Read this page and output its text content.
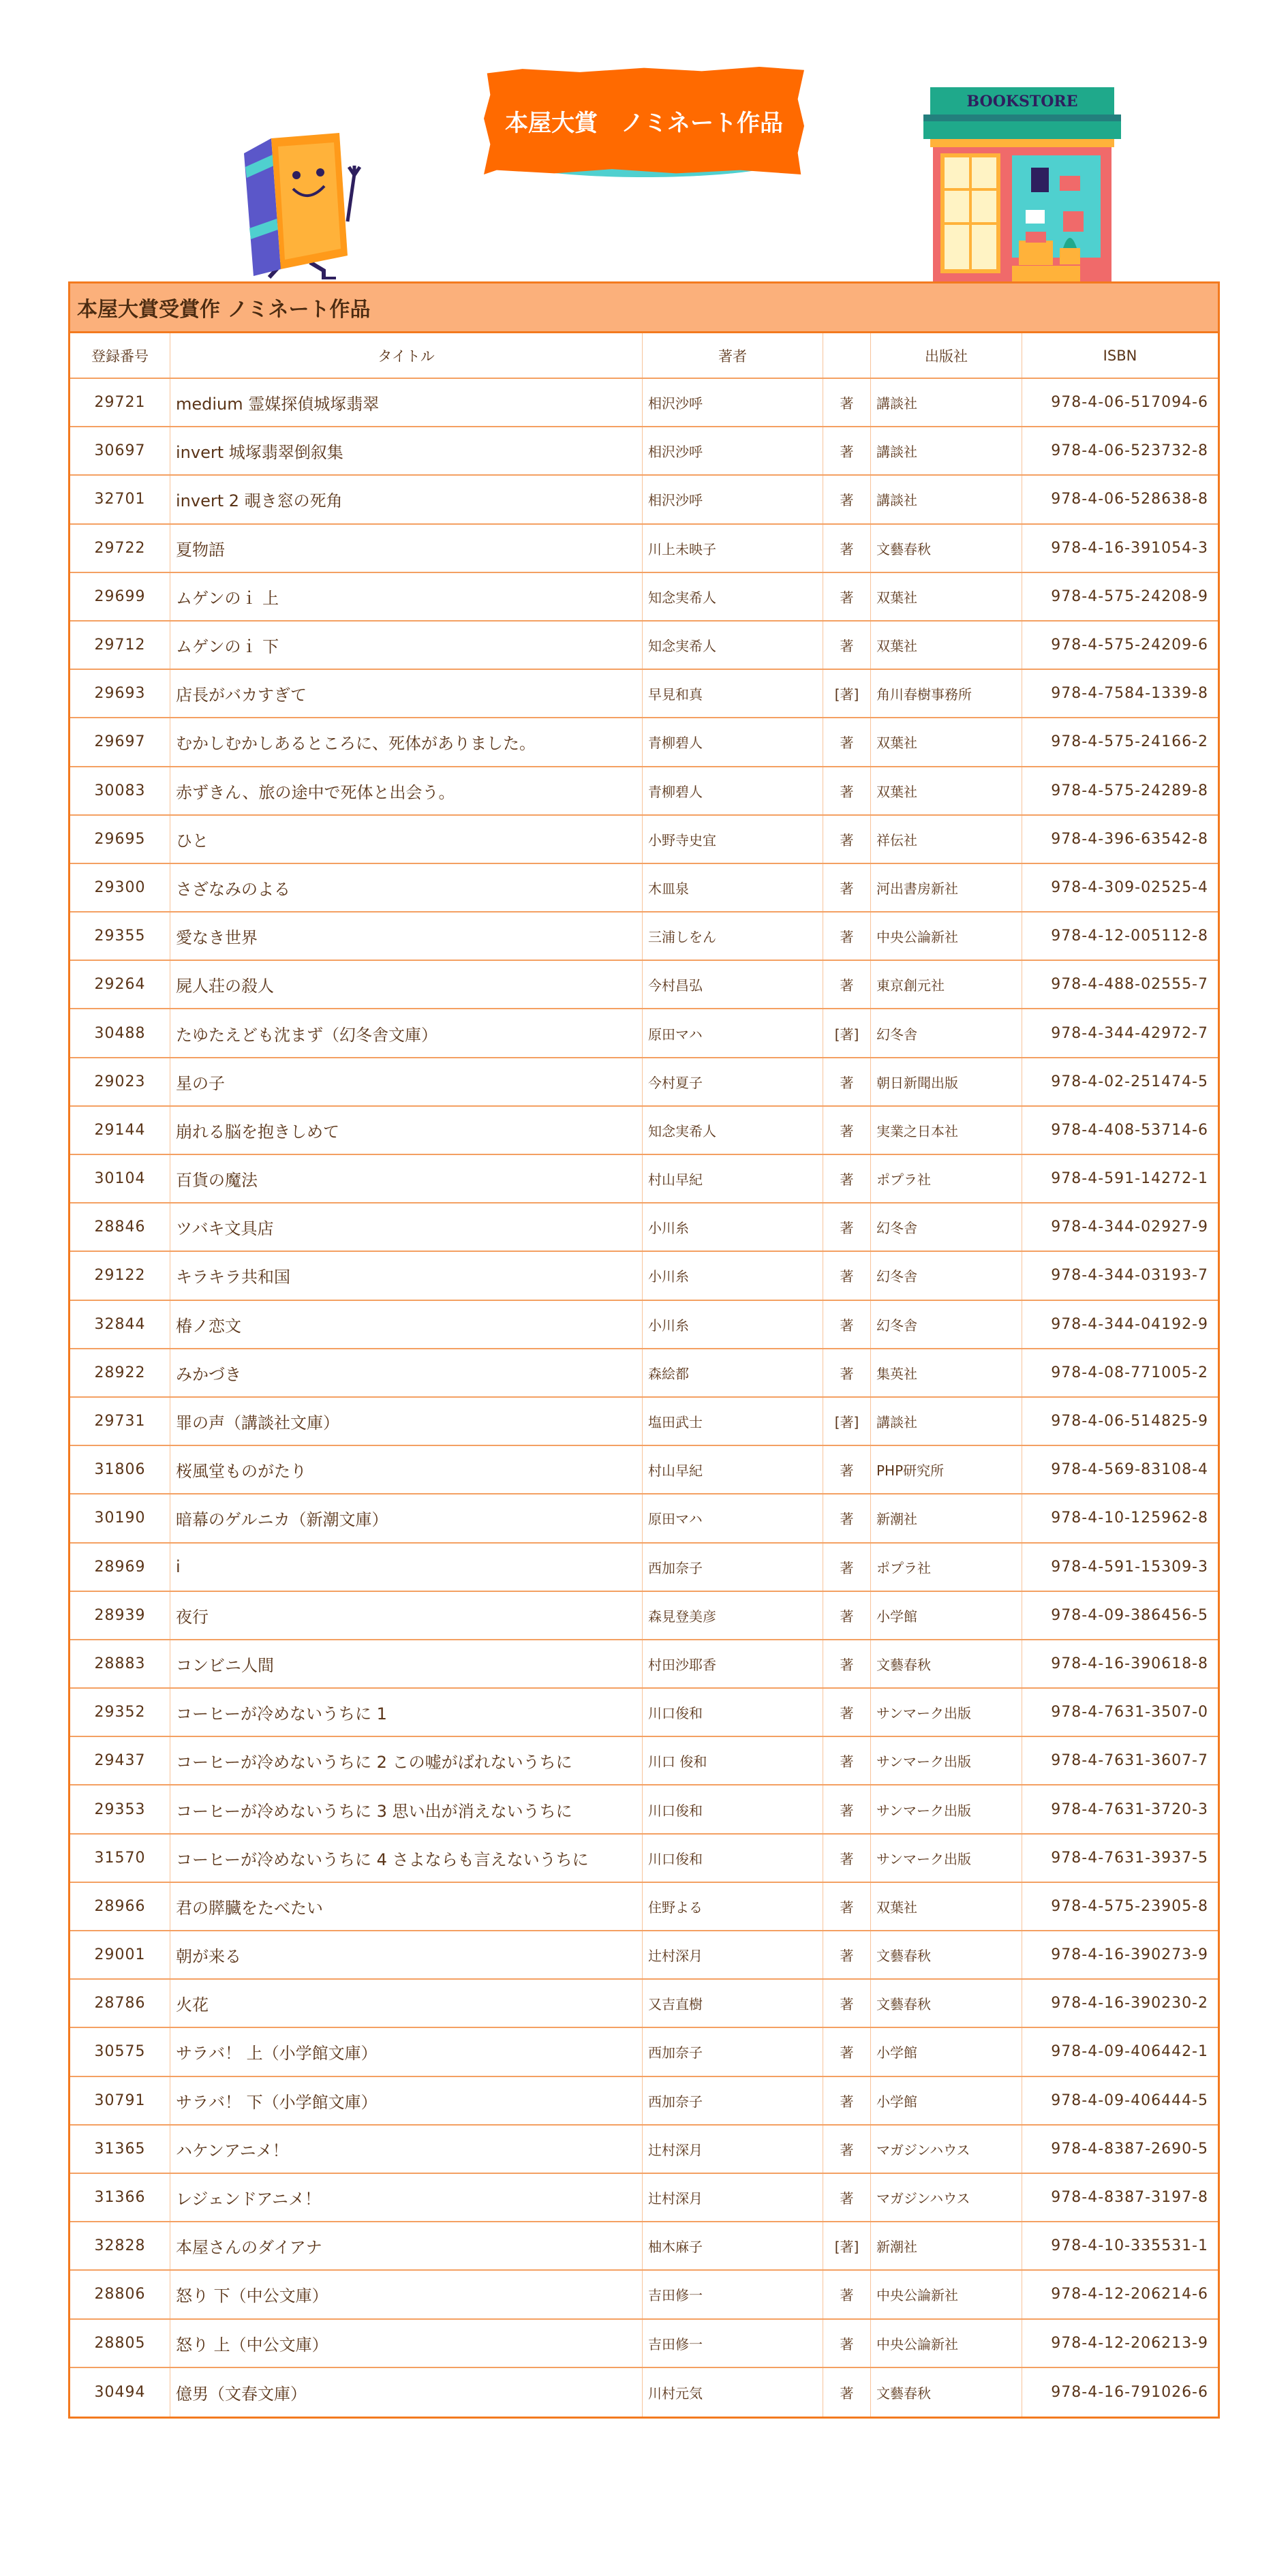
本屋大賞　ノミネート作品
BOOKSTORE
本屋大賞受賞作 ノミネート作品
登録番号	タイトル	著者	出版社	ISBN
29721	medium 霊媒探偵城塚翡翠	相沢沙呼	著	講談社	978-4-06-517094-6
30697	invert 城塚翡翠倒叙集	相沢沙呼	著	講談社	978-4-06-523732-8
32701	invert 2 覗き窓の死角	相沢沙呼	著	講談社	978-4-06-528638-8
29722	夏物語	川上未映子	著	文藝春秋	978-4-16-391054-3
29699	ムゲンのｉ 上	知念実希人	著	双葉社	978-4-575-24208-9
29712	ムゲンのｉ 下	知念実希人	著	双葉社	978-4-575-24209-6
29693	店長がバカすぎて	早見和真	[著]	角川春樹事務所	978-4-7584-1339-8
29697	むかしむかしあるところに、死体がありました。	青柳碧人	著	双葉社	978-4-575-24166-2
30083	赤ずきん、旅の途中で死体と出会う。	青柳碧人	著	双葉社	978-4-575-24289-8
29695	ひと	小野寺史宜	著	祥伝社	978-4-396-63542-8
29300	さざなみのよる	木皿泉	著	河出書房新社	978-4-309-02525-4
29355	愛なき世界	三浦しをん	著	中央公論新社	978-4-12-005112-8
29264	屍人荘の殺人	今村昌弘	著	東京創元社	978-4-488-02555-7
30488	たゆたえども沈まず（幻冬舎文庫）	原田マハ	[著]	幻冬舎	978-4-344-42972-7
29023	星の子	今村夏子	著	朝日新聞出版	978-4-02-251474-5
29144	崩れる脳を抱きしめて	知念実希人	著	実業之日本社	978-4-408-53714-6
30104	百貨の魔法	村山早紀	著	ポプラ社	978-4-591-14272-1
28846	ツバキ文具店	小川糸	著	幻冬舎	978-4-344-02927-9
29122	キラキラ共和国	小川糸	著	幻冬舎	978-4-344-03193-7
32844	椿ノ恋文	小川糸	著	幻冬舎	978-4-344-04192-9
28922	みかづき	森絵都	著	集英社	978-4-08-771005-2
29731	罪の声（講談社文庫）	塩田武士	[著]	講談社	978-4-06-514825-9
31806	桜風堂ものがたり	村山早紀	著	PHP研究所	978-4-569-83108-4
30190	暗幕のゲルニカ（新潮文庫）	原田マハ	著	新潮社	978-4-10-125962-8
28969	i	西加奈子	著	ポプラ社	978-4-591-15309-3
28939	夜行	森見登美彦	著	小学館	978-4-09-386456-5
28883	コンビニ人間	村田沙耶香	著	文藝春秋	978-4-16-390618-8
29352	コーヒーが冷めないうちに 1	川口俊和	著	サンマーク出版	978-4-7631-3507-0
29437	コーヒーが冷めないうちに 2 この嘘がばれないうちに	川口 俊和	著	サンマーク出版	978-4-7631-3607-7
29353	コーヒーが冷めないうちに 3 思い出が消えないうちに	川口俊和	著	サンマーク出版	978-4-7631-3720-3
31570	コーヒーが冷めないうちに 4 さよならも言えないうちに	川口俊和	著	サンマーク出版	978-4-7631-3937-5
28966	君の膵臓をたべたい	住野よる	著	双葉社	978-4-575-23905-8
29001	朝が来る	辻村深月	著	文藝春秋	978-4-16-390273-9
28786	火花	又吉直樹	著	文藝春秋	978-4-16-390230-2
30575	サラバ！ 上（小学館文庫）	西加奈子	著	小学館	978-4-09-406442-1
30791	サラバ！ 下（小学館文庫）	西加奈子	著	小学館	978-4-09-406444-5
31365	ハケンアニメ！	辻村深月	著	マガジンハウス	978-4-8387-2690-5
31366	レジェンドアニメ！	辻村深月	著	マガジンハウス	978-4-8387-3197-8
32828	本屋さんのダイアナ	柚木麻子	[著]	新潮社	978-4-10-335531-1
28806	怒り 下（中公文庫）	吉田修一	著	中央公論新社	978-4-12-206214-6
28805	怒り 上（中公文庫）	吉田修一	著	中央公論新社	978-4-12-206213-9
30494	億男（文春文庫）	川村元気	著	文藝春秋	978-4-16-791026-6
